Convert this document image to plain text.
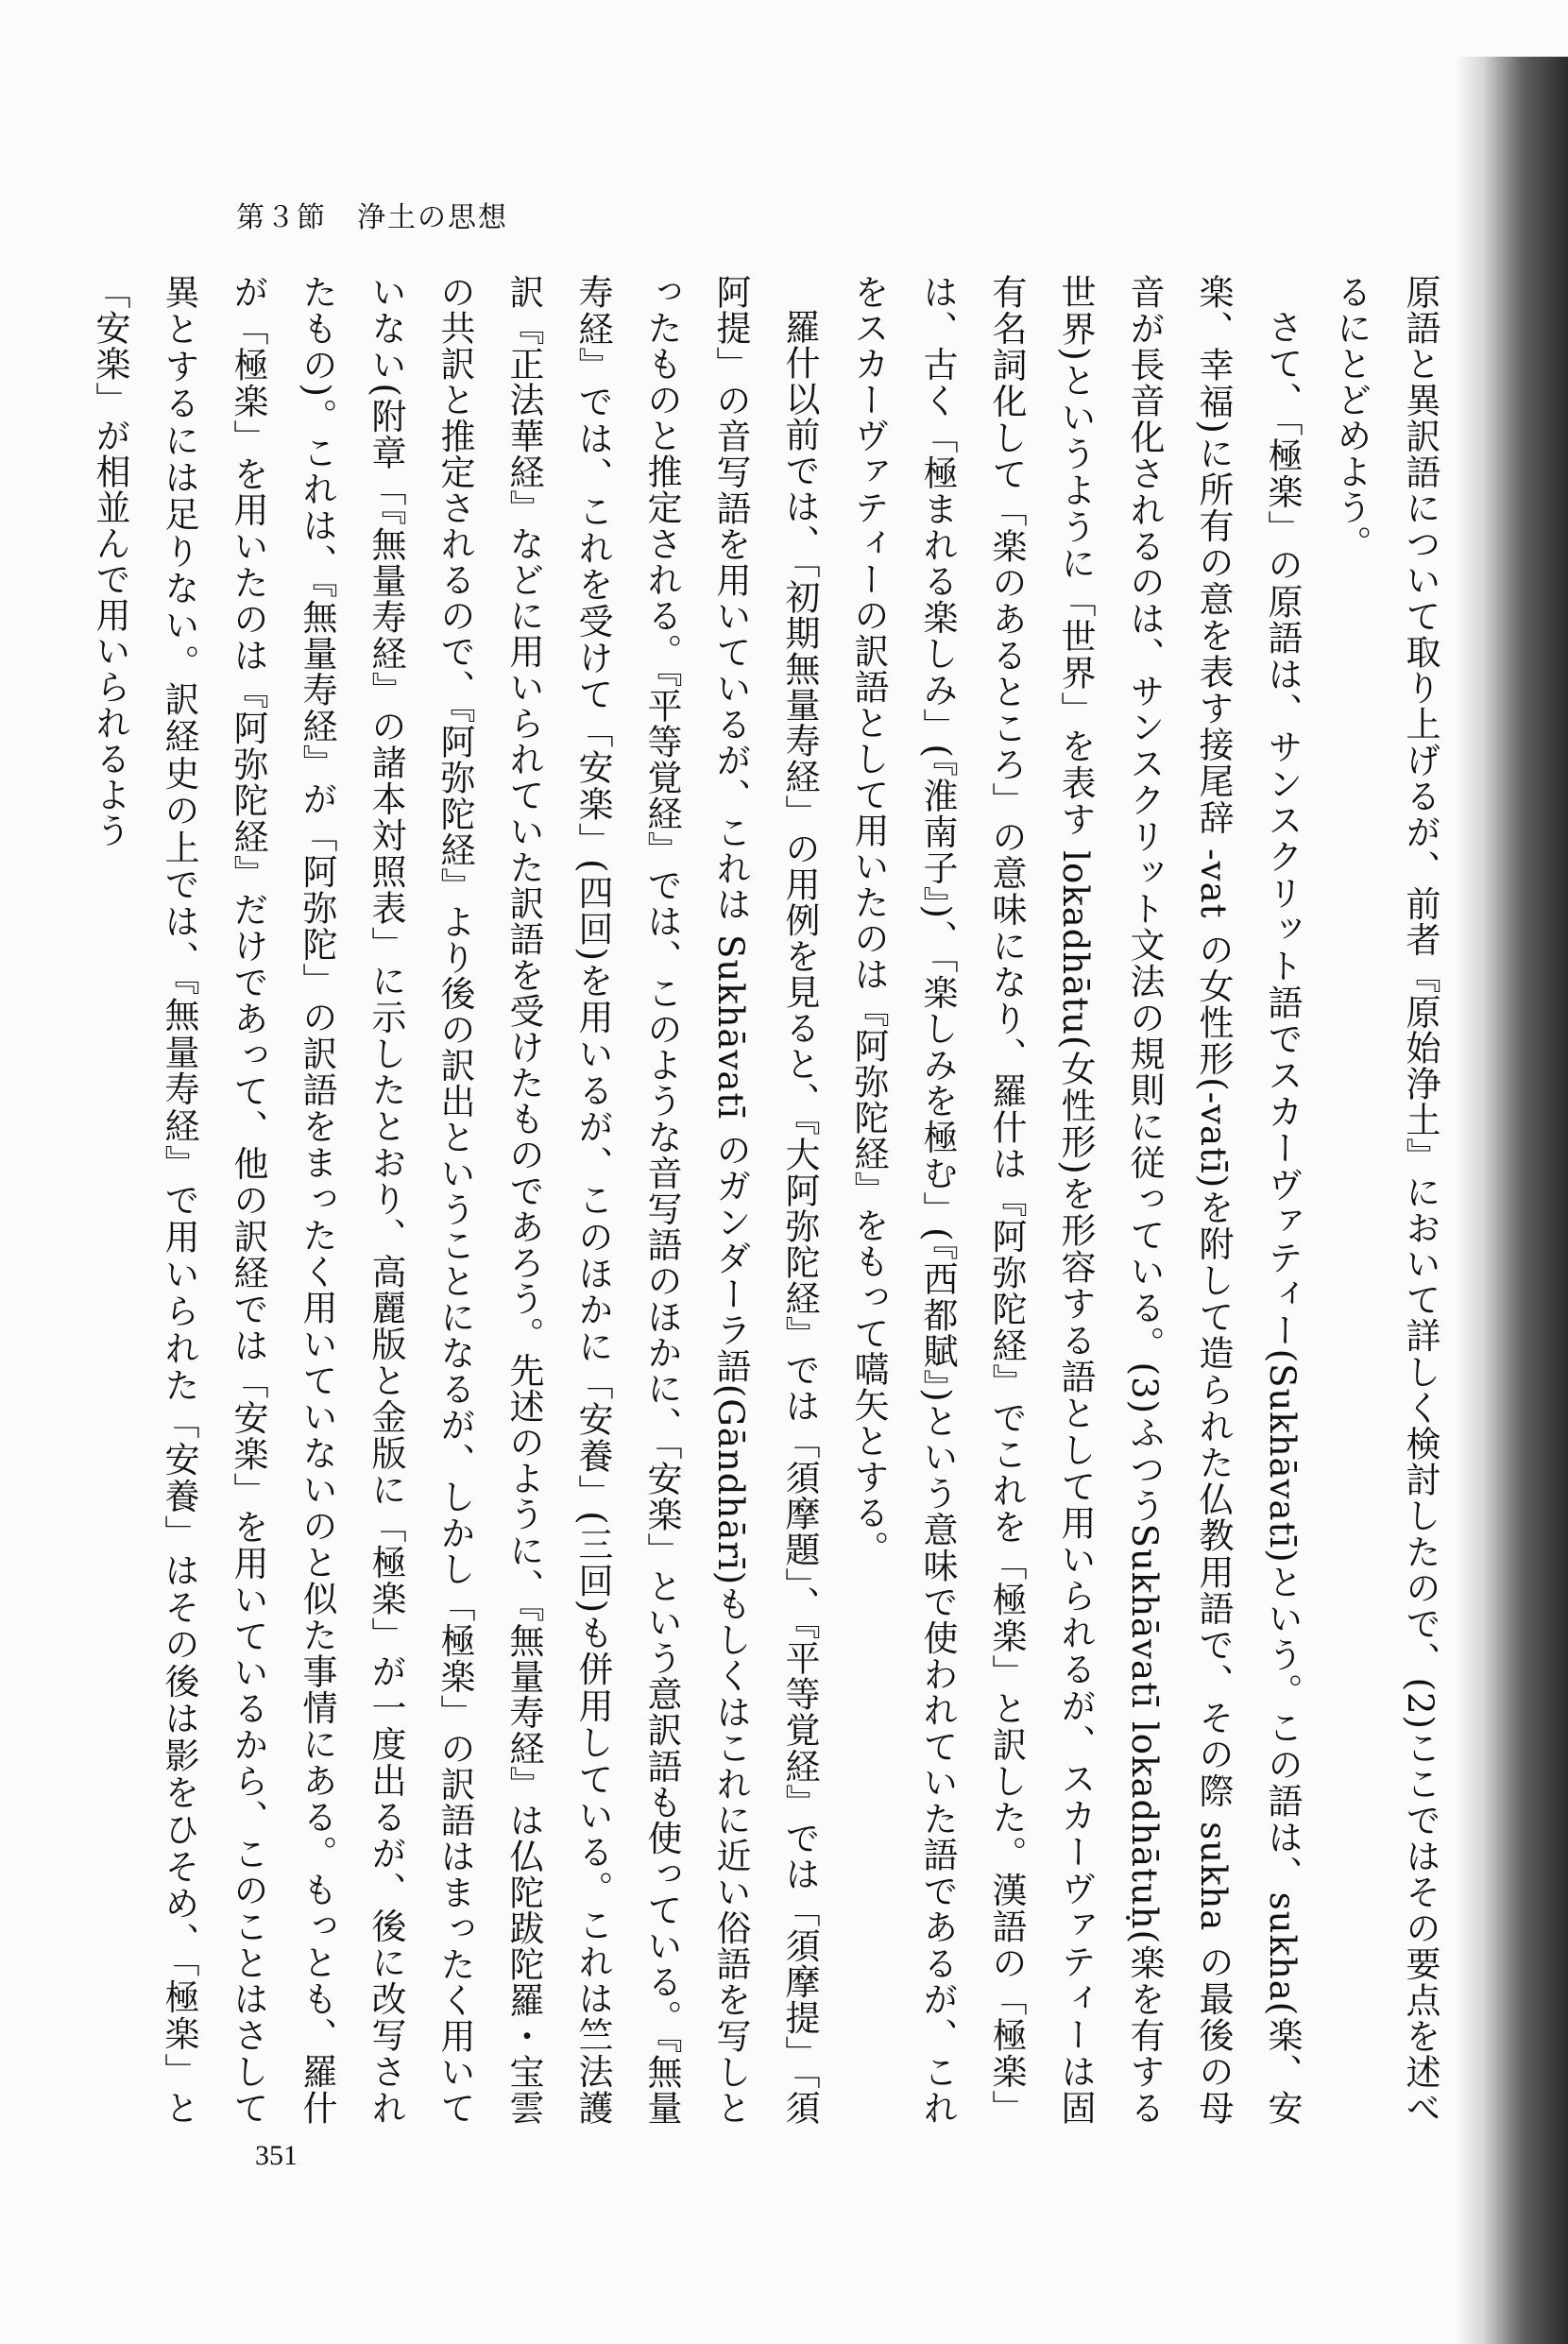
第３節　浄土の思想

原語と異訳語について取り上げるが、前者『原始浄土』において詳しく検討したので、(2)ここではその要点を述べるにとどめよう。

さて、「極楽」の原語は、サンスクリット語でスカーヴァティー(Sukhāvatī)という。この語は、sukha(楽、安楽、幸福)に所有の意を表す接尾辞 -vat の女性形(-vatī)を附して造られた仏教用語で、その際 sukha の最後の母音が長音化されるのは、サンスクリット文法の規則に従っている。(3)ふつうSukhāvatī lokadhātuḥ(楽を有する世界)というように「世界」を表す lokadhātu(女性形)を形容する語として用いられるが、スカーヴァティーは固有名詞化して「楽のあるところ」の意味になり、羅什は『阿弥陀経』でこれを「極楽」と訳した。漢語の「極楽」は、古く「極まれる楽しみ」(『淮南子』)、「楽しみを極む」(『西都賦』)という意味で使われていた語であるが、これをスカーヴァティーの訳語として用いたのは『阿弥陀経』をもって嚆矢とする。

羅什以前では、「初期無量寿経」の用例を見ると、『大阿弥陀経』では「須摩題」、『平等覚経』では「須摩提」「須阿提」の音写語を用いているが、これは Sukhāvatī のガンダーラ語(Gāndhārī)もしくはこれに近い俗語を写しとったものと推定される。『平等覚経』では、このような音写語のほかに、「安楽」という意訳語も使っている。『無量寿経』では、これを受けて「安楽」(四回)を用いるが、このほかに「安養」(三回)も併用している。これは竺法護訳『正法華経』などに用いられていた訳語を受けたものであろう。先述のように、『無量寿経』は仏陀跋陀羅・宝雲の共訳と推定されるので、『阿弥陀経』より後の訳出ということになるが、しかし「極楽」の訳語はまったく用いていない(附章「『無量寿経』の諸本対照表」に示したとおり、高麗版と金版に「極楽」が一度出るが、後に改写されたもの)。これは、『無量寿経』が「阿弥陀」の訳語をまったく用いていないのと似た事情にある。もっとも、羅什が「極楽」を用いたのは『阿弥陀経』だけであって、他の訳経では「安楽」を用いているから、このことはさして異とするには足りない。訳経史の上では、『無量寿経』で用いられた「安養」はその後は影をひそめ、「極楽」と「安楽」が相並んで用いられるよう

351
